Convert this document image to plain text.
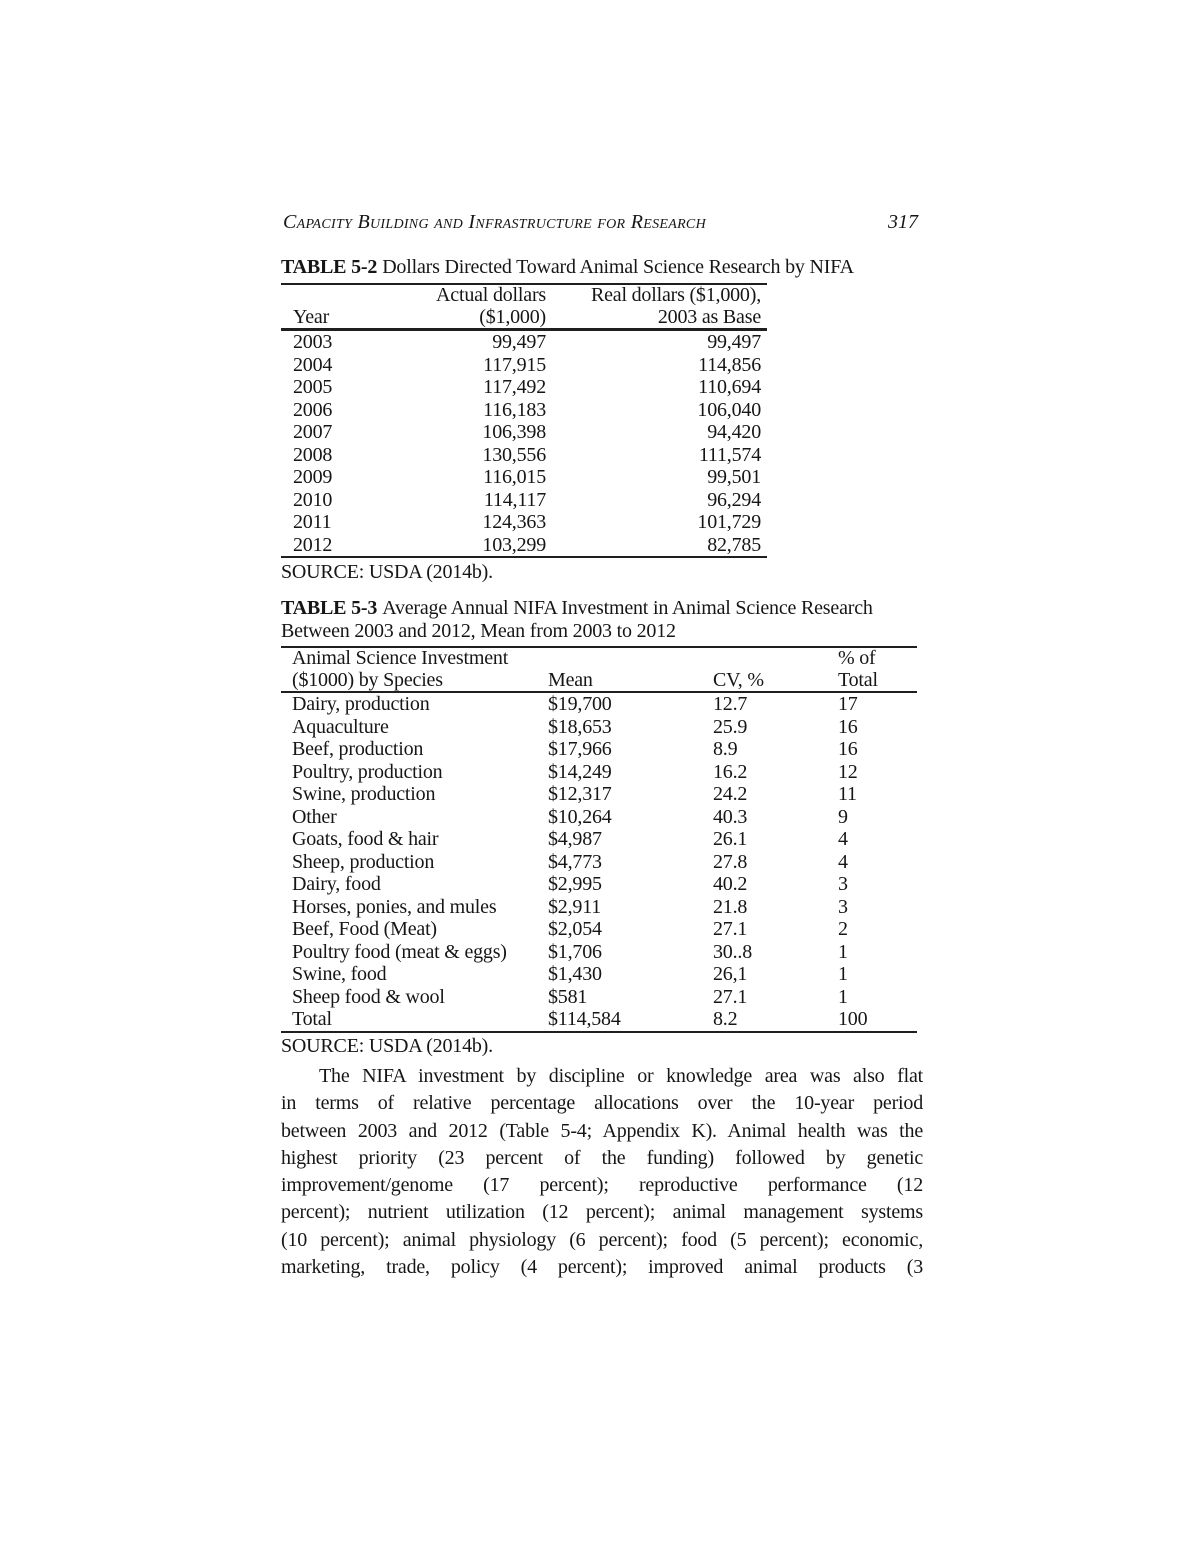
Capacity Building and Infrastructure for Research	317
TABLE 5-2 Dollars Directed Toward Animal Science Research by NIFA
	Actual dollars	Real dollars ($1,000),
Year	($1,000)	2003 as Base
2003	99,497	99,497
2004	117,915	114,856
2005	117,492	110,694
2006	116,183	106,040
2007	106,398	94,420
2008	130,556	111,574
2009	116,015	99,501
2010	114,117	96,294
2011	124,363	101,729
2012	103,299	82,785
SOURCE: USDA (2014b).
TABLE 5-3 Average Annual NIFA Investment in Animal Science Research
Between 2003 and 2012, Mean from 2003 to 2012
Animal Science Investment			% of
($1000) by Species	Mean	CV, %	Total
Dairy, production	$19,700	12.7	17
Aquaculture	$18,653	25.9	16
Beef, production	$17,966	8.9	16
Poultry, production	$14,249	16.2	12
Swine, production	$12,317	24.2	11
Other	$10,264	40.3	9
Goats, food & hair	$4,987	26.1	4
Sheep, production	$4,773	27.8	4
Dairy, food	$2,995	40.2	3
Horses, ponies, and mules	$2,911	21.8	3
Beef, Food (Meat)	$2,054	27.1	2
Poultry food (meat & eggs)	$1,706	30..8	1
Swine, food	$1,430	26,1	1
Sheep food & wool	$581	27.1	1
Total	$114,584	8.2	100
SOURCE: USDA (2014b).
The NIFA investment by discipline or knowledge area was also flat
in terms of relative percentage allocations over the 10-year period
between 2003 and 2012 (Table 5-4; Appendix K). Animal health was the
highest priority (23 percent of the funding) followed by genetic
improvement/genome (17 percent); reproductive performance (12
percent); nutrient utilization (12 percent); animal management systems
(10 percent); animal physiology (6 percent); food (5 percent); economic,
marketing, trade, policy (4 percent); improved animal products (3
